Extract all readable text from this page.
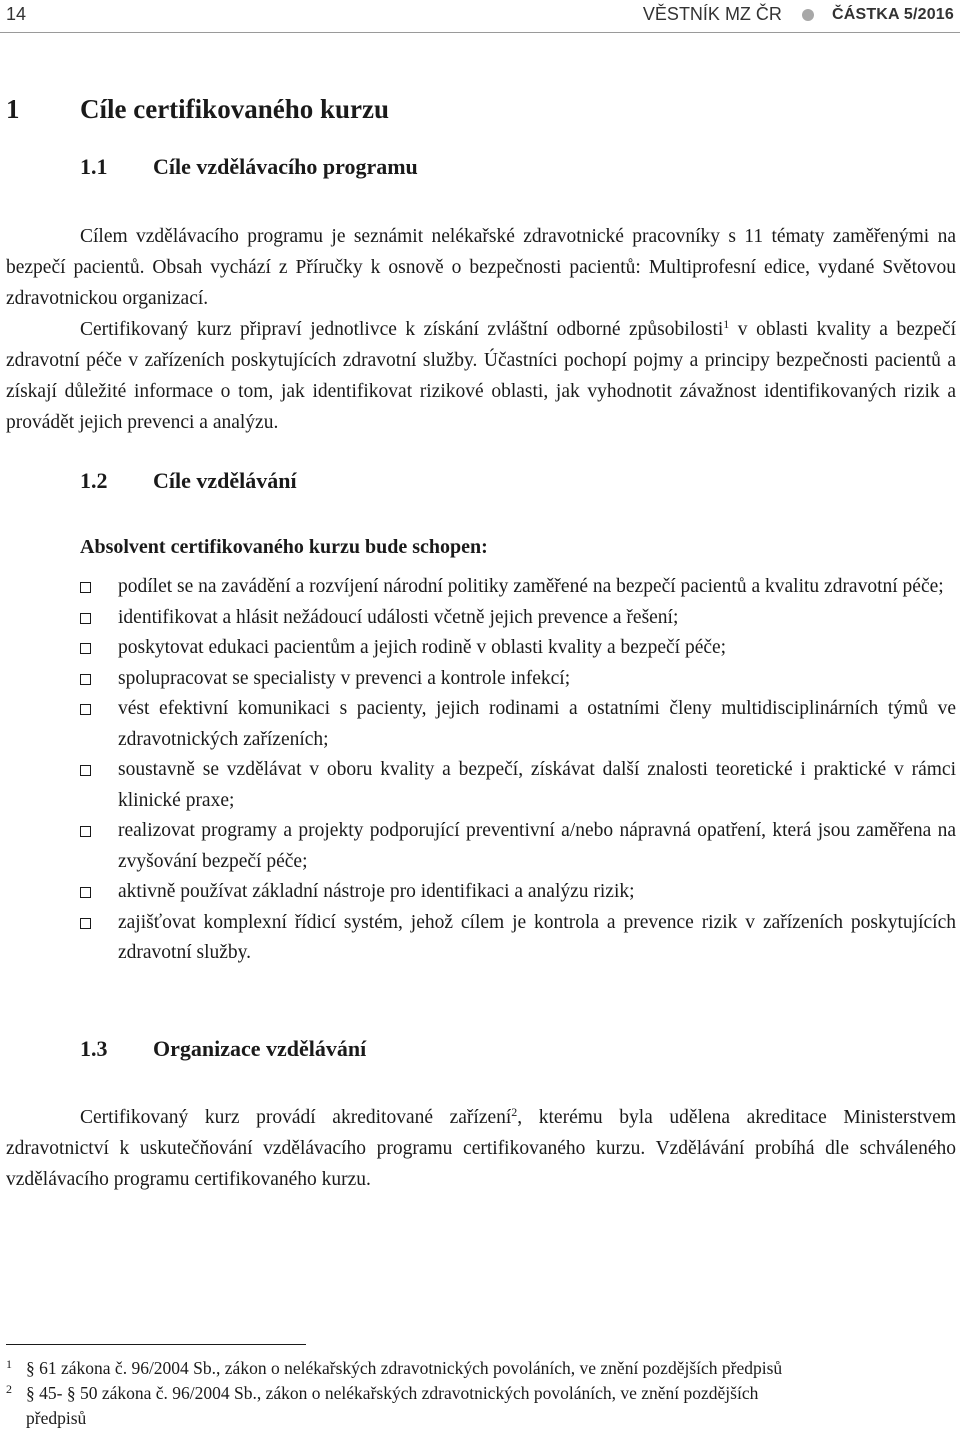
14	VĚSTNÍK MZ ČR	ČÁSTKA 5/2016
1 Cíle certifikovaného kurzu
1.1 Cíle vzdělávacího programu

Cílem vzdělávacího programu je seznámit nelékařské zdravotnické pracovníky s 11 tématy zaměřenými na bezpečí pacientů. Obsah vychází z Příručky k osnově o bezpečnosti pacientů: Multiprofesní edice, vydané Světovou zdravotnickou organizací.

Certifikovaný kurz připraví jednotlivce k získání zvláštní odborné způsobilosti$^1$ v oblasti kvality a bezpečí zdravotní péče v zařízeních poskytujících zdravotní služby. Účastníci pochopí pojmy a principy bezpečnosti pacientů a získají důležité informace o tom, jak identifikovat rizikové oblasti, jak vyhodnotit závažnost identifikovaných rizik a provádět jejich prevenci a analýzu.

1.2 Cíle vzdělávání
Absolvent certifikovaného kurzu bude schopen:
podílet se na zavádění a rozvíjení národní politiky zaměřené na bezpečí pacientů a kvalitu zdravotní péče;
identifikovat a hlásit nežádoucí události včetně jejich prevence a řešení;
poskytovat edukaci pacientům a jejich rodině v oblasti kvality a bezpečí péče;
spolupracovat se specialisty v prevenci a kontrole infekcí;
vést efektivní komunikaci s pacienty, jejich rodinami a ostatními členy multidisciplinárních týmů ve zdravotnických zařízeních;
soustavně se vzdělávat v oboru kvality a bezpečí, získávat další znalosti teoretické i praktické v rámci klinické praxe;
realizovat programy a projekty podporující preventivní a/nebo nápravná opatření, která jsou zaměřena na zvyšování bezpečí péče;
aktivně používat základní nástroje pro identifikaci a analýzu rizik;
zajišťovat komplexní řídicí systém, jehož cílem je kontrola a prevence rizik v zařízeních poskytujících zdravotní služby.
1.3 Organizace vzdělávání

Certifikovaný kurz provádí akreditované zařízení$^2$, kterému byla udělena akreditace Ministerstvem zdravotnictví k uskutečňování vzdělávacího programu certifikovaného kurzu. Vzdělávání probíhá dle schváleného vzdělávacího programu certifikovaného kurzu.

1 § 61 zákona č. 96/2004 Sb., zákon o nelékařských zdravotnických povoláních, ve znění pozdějších předpisů

2 § 45- § 50 zákona č. 96/2004 Sb., zákon o nelékařských zdravotnických povoláních, ve znění pozdějších
předpisů
